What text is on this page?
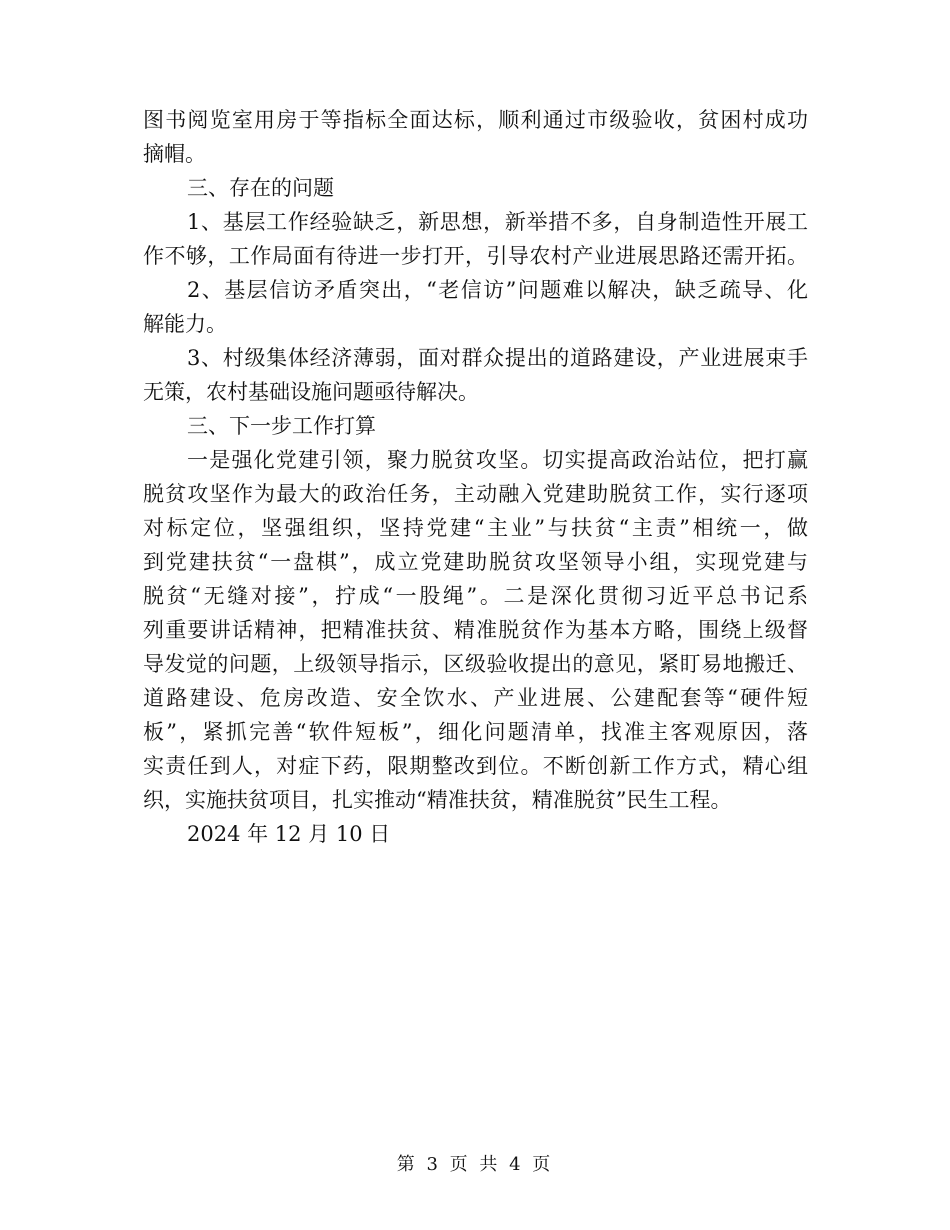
图书阅览室用房于等指标全面达标，顺利通过市级验收，贫困村成功
摘帽。
三、存在的问题
1、基层工作经验缺乏，新思想，新举措不多，自身制造性开展工
作不够，工作局面有待进一步打开，引导农村产业进展思路还需开拓。
2、基层信访矛盾突出，“老信访”问题难以解决，缺乏疏导、化
解能力。
3、村级集体经济薄弱，面对群众提出的道路建设，产业进展束手
无策，农村基础设施问题亟待解决。
三、下一步工作打算
一是强化党建引领，聚力脱贫攻坚。切实提高政治站位，把打赢
脱贫攻坚作为最大的政治任务，主动融入党建助脱贫工作，实行逐项
对标定位，坚强组织，坚持党建“主业”与扶贫“主责”相统一，做
到党建扶贫“一盘棋”，成立党建助脱贫攻坚领导小组，实现党建与
脱贫“无缝对接”，拧成“一股绳”。二是深化贯彻习近平总书记系
列重要讲话精神，把精准扶贫、精准脱贫作为基本方略，围绕上级督
导发觉的问题，上级领导指示，区级验收提出的意见，紧盯易地搬迁、
道路建设、危房改造、安全饮水、产业进展、公建配套等“硬件短
板”，紧抓完善“软件短板”，细化问题清单，找准主客观原因，落
实责任到人，对症下药，限期整改到位。不断创新工作方式，精心组
织，实施扶贫项目，扎实推动“精准扶贫，精准脱贫”民生工程。
2024 年 12 月 10 日
第 3 页 共 4 页
